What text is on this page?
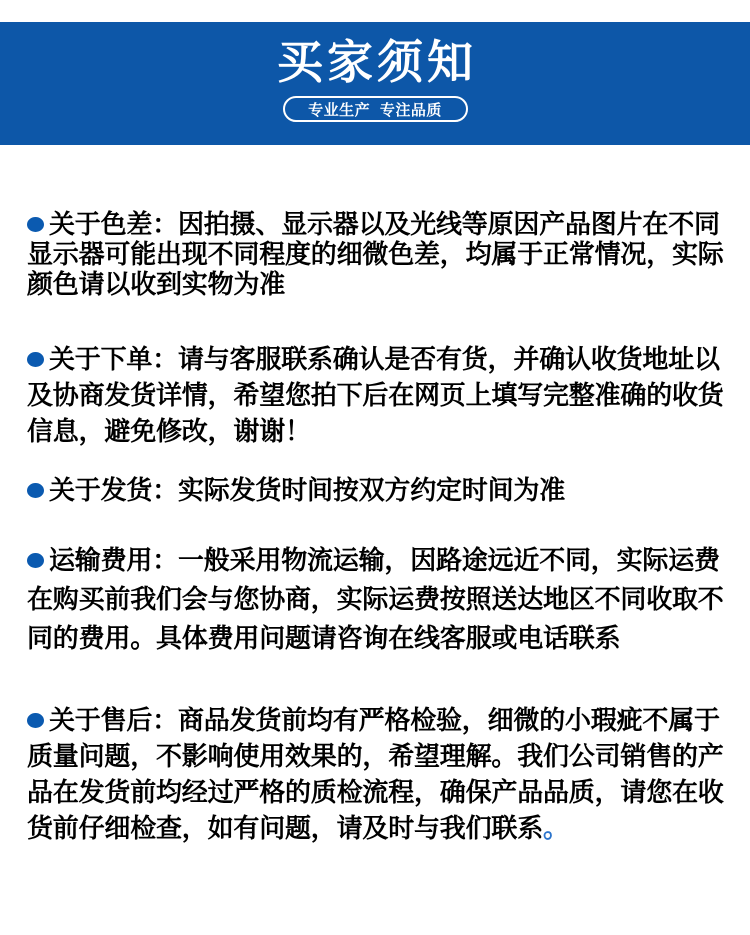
买家须知
专业生产 专注品质
关于色差：因拍摄、显示器以及光线等原因产品图片在不同
显示器可能出现不同程度的细微色差，均属于正常情况，实际
颜色请以收到实物为准
关于下单：请与客服联系确认是否有货，并确认收货地址以
及协商发货详情，希望您拍下后在网页上填写完整准确的收货
信息，避免修改，谢谢！
关于发货：实际发货时间按双方约定时间为准
运输费用：一般采用物流运输，因路途远近不同，实际运费
在购买前我们会与您协商，实际运费按照送达地区不同收取不
同的费用。具体费用问题请咨询在线客服或电话联系
关于售后：商品发货前均有严格检验，细微的小瑕疵不属于
质量问题，不影响使用效果的，希望理解。我们公司销售的产
品在发货前均经过严格的质检流程，确保产品品质，请您在收
货前仔细检查，如有问题，请及时与我们联系。
